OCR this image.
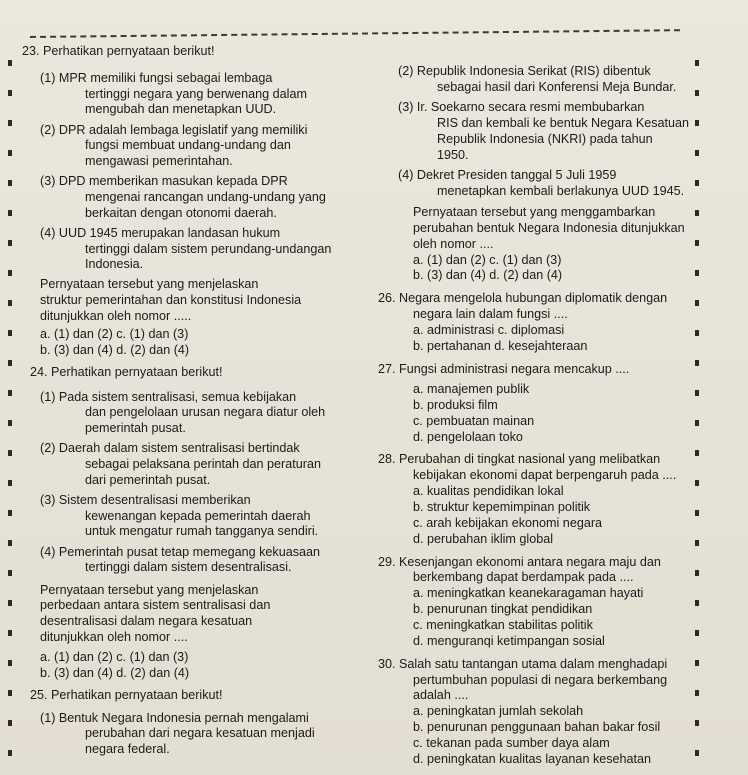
23. Perhatikan pernyataan berikut!
(1) MPR memiliki fungsi sebagai lembaga
tertinggi negara yang berwenang dalam
mengubah dan menetapkan UUD.
(2) DPR adalah lembaga legislatif yang memiliki
fungsi membuat undang-undang dan
mengawasi pemerintahan.
(3) DPD memberikan masukan kepada DPR
mengenai rancangan undang-undang yang
berkaitan dengan otonomi daerah.
(4) UUD 1945 merupakan landasan hukum
tertinggi dalam sistem perundang-undangan
Indonesia.
Pernyataan tersebut yang menjelaskan
struktur pemerintahan dan konstitusi Indonesia
ditunjukkan oleh nomor .....
a. (1) dan (2) c. (1) dan (3)
b. (3) dan (4) d. (2) dan (4)
24. Perhatikan pernyataan berikut!
(1) Pada sistem sentralisasi, semua kebijakan
dan pengelolaan urusan negara diatur oleh
pemerintah pusat.
(2) Daerah dalam sistem sentralisasi bertindak
sebagai pelaksana perintah dan peraturan
dari pemerintah pusat.
(3) Sistem desentralisasi memberikan
kewenangan kepada pemerintah daerah
untuk mengatur rumah tangganya sendiri.
(4) Pemerintah pusat tetap memegang kekuasaan
tertinggi dalam sistem desentralisasi.
Pernyataan tersebut yang menjelaskan
perbedaan antara sistem sentralisasi dan
desentralisasi dalam negara kesatuan
ditunjukkan oleh nomor ....
a. (1) dan (2) c. (1) dan (3)
b. (3) dan (4) d. (2) dan (4)
25. Perhatikan pernyataan berikut!
(1) Bentuk Negara Indonesia pernah mengalami
perubahan dari negara kesatuan menjadi
negara federal.
(2) Republik Indonesia Serikat (RIS) dibentuk
sebagai hasil dari Konferensi Meja Bundar.
(3) Ir. Soekarno secara resmi membubarkan
RIS dan kembali ke bentuk Negara Kesatuan
Republik Indonesia (NKRI) pada tahun
1950.
(4) Dekret Presiden tanggal 5 Juli 1959
menetapkan kembali berlakunya UUD 1945.
Pernyataan tersebut yang menggambarkan
perubahan bentuk Negara Indonesia ditunjukkan
oleh nomor ....
a. (1) dan (2) c. (1) dan (3)
b. (3) dan (4) d. (2) dan (4)
26. Negara mengelola hubungan diplomatik dengan
negara lain dalam fungsi ....
a. administrasi c. diplomasi
b. pertahanan d. kesejahteraan
27. Fungsi administrasi negara mencakup ....
a. manajemen publik
b. produksi film
c. pembuatan mainan
d. pengelolaan toko
28. Perubahan di tingkat nasional yang melibatkan
kebijakan ekonomi dapat berpengaruh pada ....
a. kualitas pendidikan lokal
b. struktur kepemimpinan politik
c. arah kebijakan ekonomi negara
d. perubahan iklim global
29. Kesenjangan ekonomi antara negara maju dan
berkembang dapat berdampak pada ....
a. meningkatkan keanekaragaman hayati
b. penurunan tingkat pendidikan
c. meningkatkan stabilitas politik
d. menguranqi ketimpangan sosial
30. Salah satu tantangan utama dalam menghadapi
pertumbuhan populasi di negara berkembang
adalah ....
a. peningkatan jumlah sekolah
b. penurunan penggunaan bahan bakar fosil
c. tekanan pada sumber daya alam
d. peningkatan kualitas layanan kesehatan
